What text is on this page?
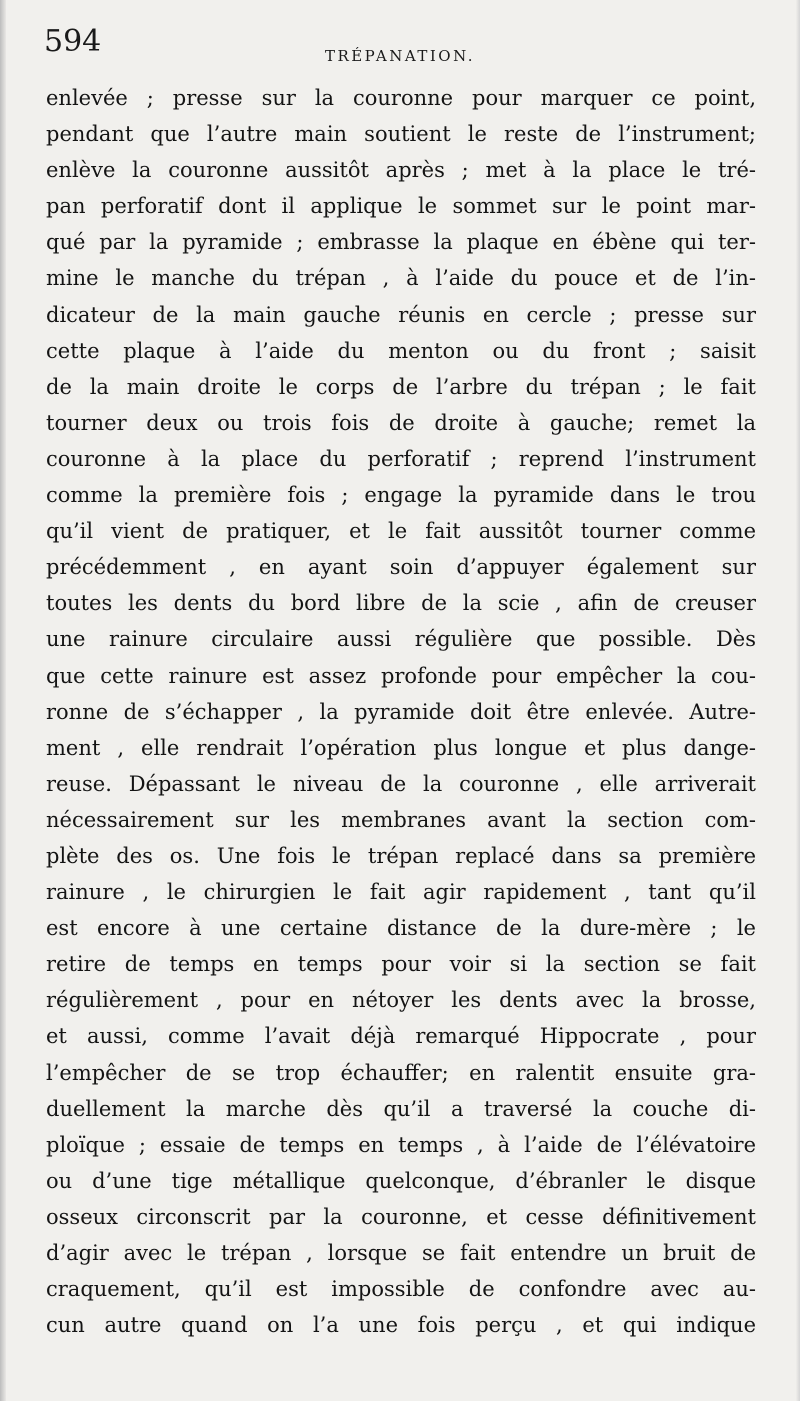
594	TRÉPANATION.
enlevée ; presse sur la couronne pour marquer ce point,
pendant que l’autre main soutient le reste de l’instrument;
enlève la couronne aussitôt après ; met à la place le tré-
pan perforatif dont il applique le sommet sur le point mar-
qué par la pyramide ; embrasse la plaque en ébène qui ter-
mine le manche du trépan , à l’aide du pouce et de l’in-
dicateur de la main gauche réunis en cercle ; presse sur
cette plaque à l’aide du menton ou du front ; saisit
de la main droite le corps de l’arbre du trépan ; le fait
tourner deux ou trois fois de droite à gauche; remet la
couronne à la place du perforatif ; reprend l’instrument
comme la première fois ; engage la pyramide dans le trou
qu’il vient de pratiquer, et le fait aussitôt tourner comme
précédemment , en ayant soin d’appuyer également sur
toutes les dents du bord libre de la scie , afin de creuser
une rainure circulaire aussi régulière que possible. Dès
que cette rainure est assez profonde pour empêcher la cou-
ronne de s’échapper , la pyramide doit être enlevée. Autre-
ment , elle rendrait l’opération plus longue et plus dange-
reuse. Dépassant le niveau de la couronne , elle arriverait
nécessairement sur les membranes avant la section com-
plète des os. Une fois le trépan replacé dans sa première
rainure , le chirurgien le fait agir rapidement , tant qu’il
est encore à une certaine distance de la dure-mère ; le
retire de temps en temps pour voir si la section se fait
régulièrement , pour en nétoyer les dents avec la brosse,
et aussi, comme l’avait déjà remarqué Hippocrate , pour
l’empêcher de se trop échauffer; en ralentit ensuite gra-
duellement la marche dès qu’il a traversé la couche di-
ploïque ; essaie de temps en temps , à l’aide de l’élévatoire
ou d’une tige métallique quelconque, d’ébranler le disque
osseux circonscrit par la couronne, et cesse définitivement
d’agir avec le trépan , lorsque se fait entendre un bruit de
craquement, qu’il est impossible de confondre avec au-
cun autre quand on l’a une fois perçu , et qui indique
